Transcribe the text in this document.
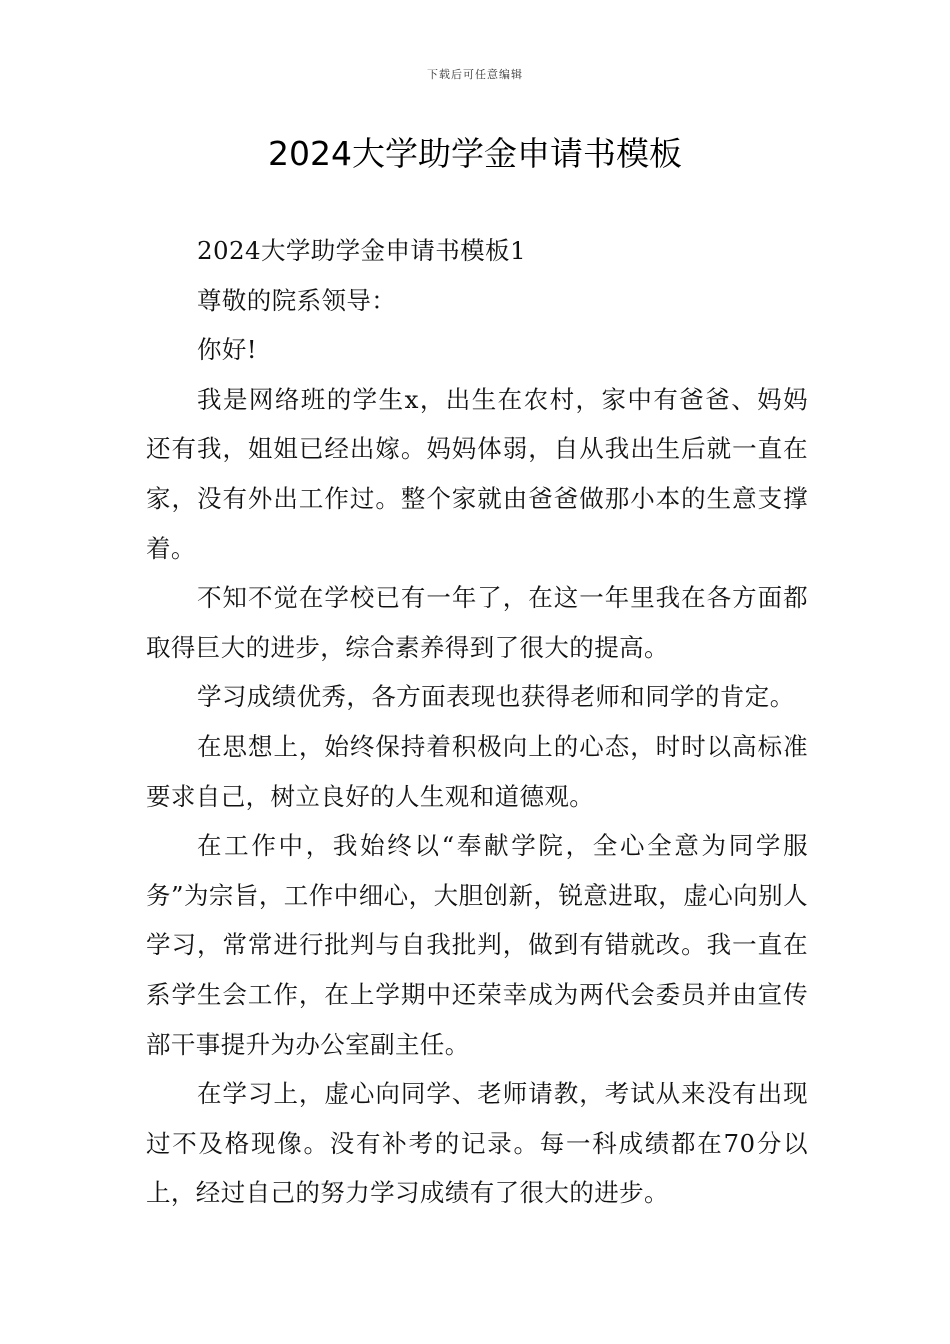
下载后可任意编辑
2024大学助学金申请书模板

2024大学助学金申请书模板1

尊敬的院系领导：

你好!

我是网络班的学生x，出生在农村，家中有爸爸、妈妈还有我，姐姐已经出嫁。妈妈体弱，自从我出生后就一直在家，没有外出工作过。整个家就由爸爸做那小本的生意支撑着。

不知不觉在学校已有一年了，在这一年里我在各方面都取得巨大的进步，综合素养得到了很大的提高。

学习成绩优秀，各方面表现也获得老师和同学的肯定。

在思想上，始终保持着积极向上的心态，时时以高标准要求自己，树立良好的人生观和道德观。

在工作中，我始终以“奉献学院，全心全意为同学服务”为宗旨，工作中细心，大胆创新，锐意进取，虚心向别人学习，常常进行批判与自我批判，做到有错就改。我一直在系学生会工作，在上学期中还荣幸成为两代会委员并由宣传部干事提升为办公室副主任。

在学习上，虚心向同学、老师请教，考试从来没有出现过不及格现像。没有补考的记录。每一科成绩都在70分以上，经过自己的努力学习成绩有了很大的进步。
